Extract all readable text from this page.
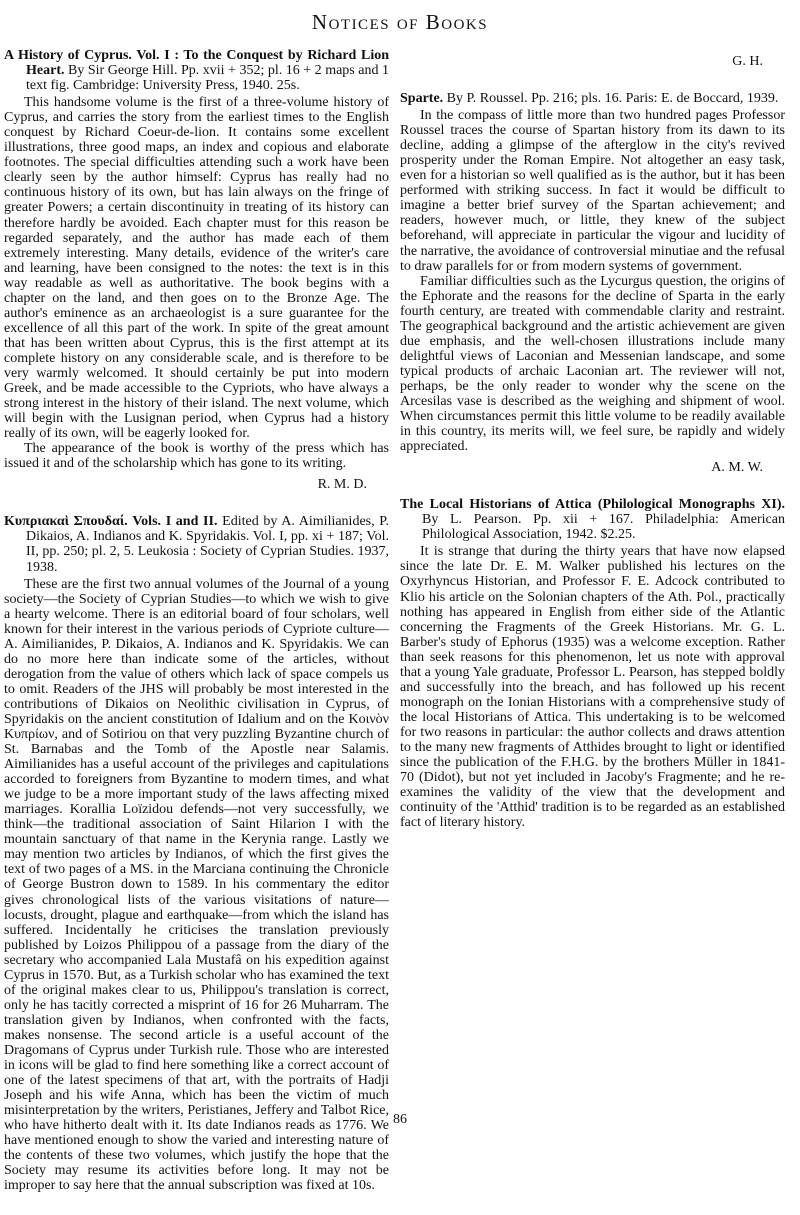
Notices of Books

A History of Cyprus. Vol. I : To the Conquest by Richard Lion Heart. By Sir George Hill. Pp. xvii + 352; pl. 16 + 2 maps and 1 text fig. Cambridge: University Press, 1940. 25s.

This handsome volume is the first of a three-volume history of Cyprus, and carries the story from the earliest times to the English conquest by Richard Coeur-de-lion. It contains some excellent illustrations, three good maps, an index and copious and elaborate footnotes. The special difficulties attending such a work have been clearly seen by the author himself: Cyprus has really had no continuous history of its own, but has lain always on the fringe of greater Powers; a certain discontinuity in treating of its history can therefore hardly be avoided. Each chapter must for this reason be regarded separately, and the author has made each of them extremely interesting. Many details, evidence of the writer's care and learning, have been consigned to the notes: the text is in this way readable as well as authoritative. The book begins with a chapter on the land, and then goes on to the Bronze Age. The author's eminence as an archaeologist is a sure guarantee for the excellence of all this part of the work. In spite of the great amount that has been written about Cyprus, this is the first attempt at its complete history on any considerable scale, and is therefore to be very warmly welcomed. It should certainly be put into modern Greek, and be made accessible to the Cypriots, who have always a strong interest in the history of their island. The next volume, which will begin with the Lusignan period, when Cyprus had a history really of its own, will be eagerly looked for.

The appearance of the book is worthy of the press which has issued it and of the scholarship which has gone to its writing.

R. M. D.

Κυπριακαὶ Σπουδαί. Vols. I and II. Edited by A. Aimilianides, P. Dikaios, A. Indianos and K. Spyridakis. Vol. I, pp. xi + 187; Vol. II, pp. 250; pl. 2, 5. Leukosia : Society of Cyprian Studies. 1937, 1938.

These are the first two annual volumes of the Journal of a young society—the Society of Cyprian Studies—to which we wish to give a hearty welcome. There is an editorial board of four scholars, well known for their interest in the various periods of Cypriote culture—A. Aimilianides, P. Dikaios, A. Indianos and K. Spyridakis. We can do no more here than indicate some of the articles, without derogation from the value of others which lack of space compels us to omit. Readers of the JHS will probably be most interested in the contributions of Dikaios on Neolithic civilisation in Cyprus, of Spyridakis on the ancient constitution of Idalium and on the Κοινὸν Κυπρίων, and of Sotiriou on that very puzzling Byzantine church of St. Barnabas and the Tomb of the Apostle near Salamis. Aimilianides has a useful account of the privileges and capitulations accorded to foreigners from Byzantine to modern times, and what we judge to be a more important study of the laws affecting mixed marriages. Korallia Loïzidou defends—not very successfully, we think—the traditional association of Saint Hilarion I with the mountain sanctuary of that name in the Kerynia range. Lastly we may mention two articles by Indianos, of which the first gives the text of two pages of a MS. in the Marciana continuing the Chronicle of George Bustron down to 1589. In his commentary the editor gives chronological lists of the various visitations of nature—locusts, drought, plague and earthquake—from which the island has suffered. Incidentally he criticises the translation previously published by Loizos Philippou of a passage from the diary of the secretary who accompanied Lala Mustafâ on his expedition against Cyprus in 1570. But, as a Turkish scholar who has examined the text of the original makes clear to us, Philippou's translation is correct, only he has tacitly corrected a misprint of 16 for 26 Muharram. The translation given by Indianos, when confronted with the facts, makes nonsense. The second article is a useful account of the Dragomans of Cyprus under Turkish rule. Those who are interested in icons will be glad to find here something like a correct account of one of the latest specimens of that art, with the portraits of Hadji Joseph and his wife Anna, which has been the victim of much misinterpretation by the writers, Peristianes, Jeffery and Talbot Rice, who have hitherto dealt with it. Its date Indianos reads as 1776. We have mentioned enough to show the varied and interesting nature of the contents of these two volumes, which justify the hope that the Society may resume its activities before long. It may not be improper to say here that the annual subscription was fixed at 10s.

G. H.

Sparte. By P. Roussel. Pp. 216; pls. 16. Paris: E. de Boccard, 1939.

In the compass of little more than two hundred pages Professor Roussel traces the course of Spartan history from its dawn to its decline, adding a glimpse of the afterglow in the city's revived prosperity under the Roman Empire. Not altogether an easy task, even for a historian so well qualified as is the author, but it has been performed with striking success. In fact it would be difficult to imagine a better brief survey of the Spartan achievement; and readers, however much, or little, they knew of the subject beforehand, will appreciate in particular the vigour and lucidity of the narrative, the avoidance of controversial minutiae and the refusal to draw parallels for or from modern systems of government.

Familiar difficulties such as the Lycurgus question, the origins of the Ephorate and the reasons for the decline of Sparta in the early fourth century, are treated with commendable clarity and restraint. The geographical background and the artistic achievement are given due emphasis, and the well-chosen illustrations include many delightful views of Laconian and Messenian landscape, and some typical products of archaic Laconian art. The reviewer will not, perhaps, be the only reader to wonder why the scene on the Arcesilas vase is described as the weighing and shipment of wool. When circumstances permit this little volume to be readily available in this country, its merits will, we feel sure, be rapidly and widely appreciated.

A. M. W.

The Local Historians of Attica (Philological Monographs XI). By L. Pearson. Pp. xii + 167. Philadelphia: American Philological Association, 1942. $2.25.

It is strange that during the thirty years that have now elapsed since the late Dr. E. M. Walker published his lectures on the Oxyrhyncus Historian, and Professor F. E. Adcock contributed to Klio his article on the Solonian chapters of the Ath. Pol., practically nothing has appeared in English from either side of the Atlantic concerning the Fragments of the Greek Historians. Mr. G. L. Barber's study of Ephorus (1935) was a welcome exception. Rather than seek reasons for this phenomenon, let us note with approval that a young Yale graduate, Professor L. Pearson, has stepped boldly and successfully into the breach, and has followed up his recent monograph on the Ionian Historians with a comprehensive study of the local Historians of Attica. This undertaking is to be welcomed for two reasons in particular: the author collects and draws attention to the many new fragments of Atthides brought to light or identified since the publication of the F.H.G. by the brothers Müller in 1841-70 (Didot), but not yet included in Jacoby's Fragmente; and he re-examines the validity of the view that the development and continuity of the 'Atthid' tradition is to be regarded as an established fact of literary history.

86
